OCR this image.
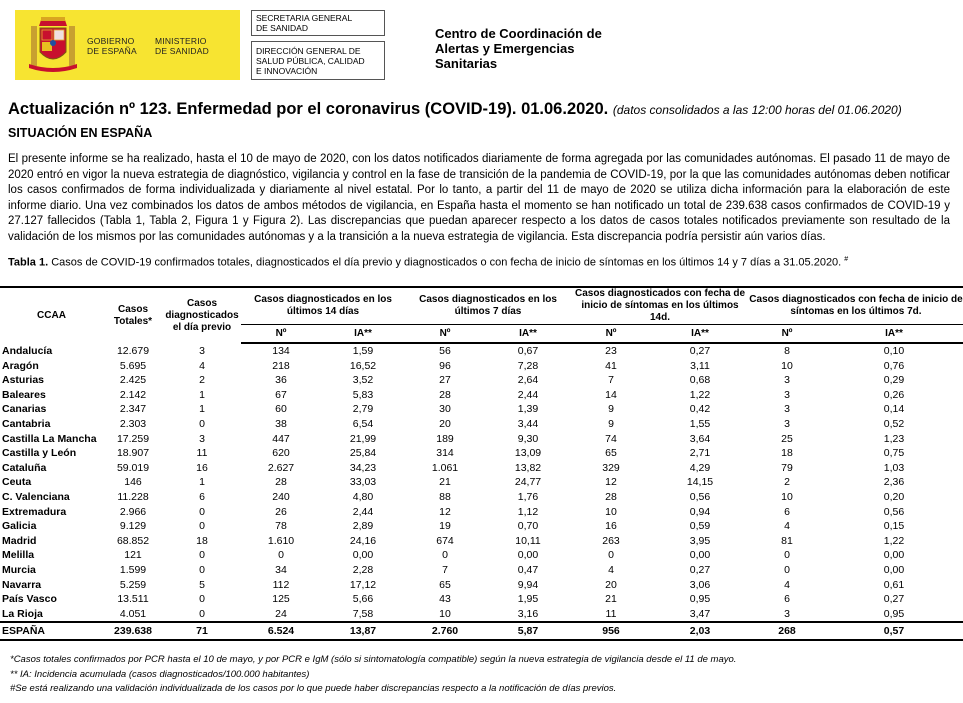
GOBIERNO
DE ESPAÑA
MINISTERIO
DE SANIDAD
SECRETARIA GENERAL
DE SANIDAD
DIRECCIÓN GENERAL DE
SALUD PÚBLICA, CALIDAD
E INNOVACIÓN
Centro de Coordinación de
Alertas y Emergencias
Sanitarias
Actualización nº 123. Enfermedad por el coronavirus (COVID-19). 01.06.2020. (datos consolidados a las 12:00 horas del 01.06.2020)
SITUACIÓN EN ESPAÑA
El presente informe se ha realizado, hasta el 10 de mayo de 2020, con los datos notificados diariamente de forma agregada por las comunidades autónomas. El pasado 11 de mayo de 2020 entró en vigor la nueva estrategia de diagnóstico, vigilancia y control en la fase de transición de la pandemia de COVID-19, por la que las comunidades autónomas deben notificar los casos confirmados de forma individualizada y diariamente al nivel estatal. Por lo tanto, a partir del 11 de mayo de 2020 se utiliza dicha información para la elaboración de este informe diario. Una vez combinados los datos de ambos métodos de vigilancia, en España hasta el momento se han notificado un total de 239.638 casos confirmados de COVID-19 y 27.127 fallecidos (Tabla 1, Tabla 2, Figura 1 y Figura 2). Las discrepancias que puedan aparecer respecto a los datos de casos totales notificados previamente son resultado de la validación de los mismos por las comunidades autónomas y a la transición a la nueva estrategia de vigilancia. Esta discrepancia podría persistir aún varios días.
Tabla 1. Casos de COVID-19 confirmados totales, diagnosticados el día previo y diagnosticados o con fecha de inicio de síntomas en los últimos 14 y 7 días a 31.05.2020. #
CCAA	Casos Totales*	Casos diagnosticados el día previo	Casos diagnosticados en los últimos 14 días		Casos diagnosticados en los últimos 7 días		Casos diagnosticados con fecha de inicio de síntomas en los últimos 14d.		Casos diagnosticados con fecha de inicio de síntomas en los últimos 7d.	
			Nº	IA**	Nº	IA**	Nº	IA**	Nº	IA**
Andalucía	12.679	3	134	1,59	56	0,67	23	0,27	8	0,10
Aragón	5.695	4	218	16,52	96	7,28	41	3,11	10	0,76
Asturias	2.425	2	36	3,52	27	2,64	7	0,68	3	0,29
Baleares	2.142	1	67	5,83	28	2,44	14	1,22	3	0,26
Canarias	2.347	1	60	2,79	30	1,39	9	0,42	3	0,14
Cantabria	2.303	0	38	6,54	20	3,44	9	1,55	3	0,52
Castilla La Mancha	17.259	3	447	21,99	189	9,30	74	3,64	25	1,23
Castilla y León	18.907	11	620	25,84	314	13,09	65	2,71	18	0,75
Cataluña	59.019	16	2.627	34,23	1.061	13,82	329	4,29	79	1,03
Ceuta	146	1	28	33,03	21	24,77	12	14,15	2	2,36
C. Valenciana	11.228	6	240	4,80	88	1,76	28	0,56	10	0,20
Extremadura	2.966	0	26	2,44	12	1,12	10	0,94	6	0,56
Galicia	9.129	0	78	2,89	19	0,70	16	0,59	4	0,15
Madrid	68.852	18	1.610	24,16	674	10,11	263	3,95	81	1,22
Melilla	121	0	0	0,00	0	0,00	0	0,00	0	0,00
Murcia	1.599	0	34	2,28	7	0,47	4	0,27	0	0,00
Navarra	5.259	5	112	17,12	65	9,94	20	3,06	4	0,61
País Vasco	13.511	0	125	5,66	43	1,95	21	0,95	6	0,27
La Rioja	4.051	0	24	7,58	10	3,16	11	3,47	3	0,95
ESPAÑA	239.638	71	6.524	13,87	2.760	5,87	956	2,03	268	0,57
*Casos totales confirmados por PCR hasta el 10 de mayo, y por PCR e IgM (sólo si sintomatología compatible) según la nueva estrategia de vigilancia desde el 11 de mayo.
** IA: Incidencia acumulada (casos diagnosticados/100.000 habitantes)
#Se está realizando una validación individualizada de los casos por lo que puede haber discrepancias respecto a la notificación de días previos.
